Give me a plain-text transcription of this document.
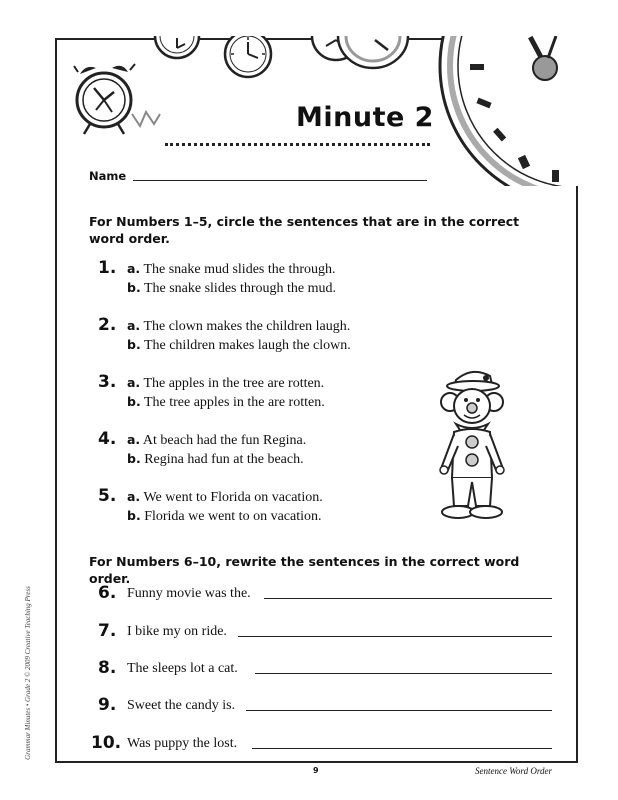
Grammar Minutes • Grade 2 © 2009 Creative Teaching Press
Minute 2
Name
For Numbers 1–5, circle the sentences that are in the correct word order.
1. a. The snake mud slides the through.
b. The snake slides through the mud.
2. a. The clown makes the children laugh.
b. The children makes laugh the clown.
3. a. The apples in the tree are rotten.
b. The tree apples in the are rotten.
4. a. At beach had the fun Regina.
b. Regina had fun at the beach.
5. a. We went to Florida on vacation.
b. Florida we went to on vacation.
For Numbers 6–10, rewrite the sentences in the correct word order.
6. Funny movie was the.
7. I bike my on ride.
8. The sleeps lot a cat.
9. Sweet the candy is.
10. Was puppy the lost.
9	Sentence Word Order
